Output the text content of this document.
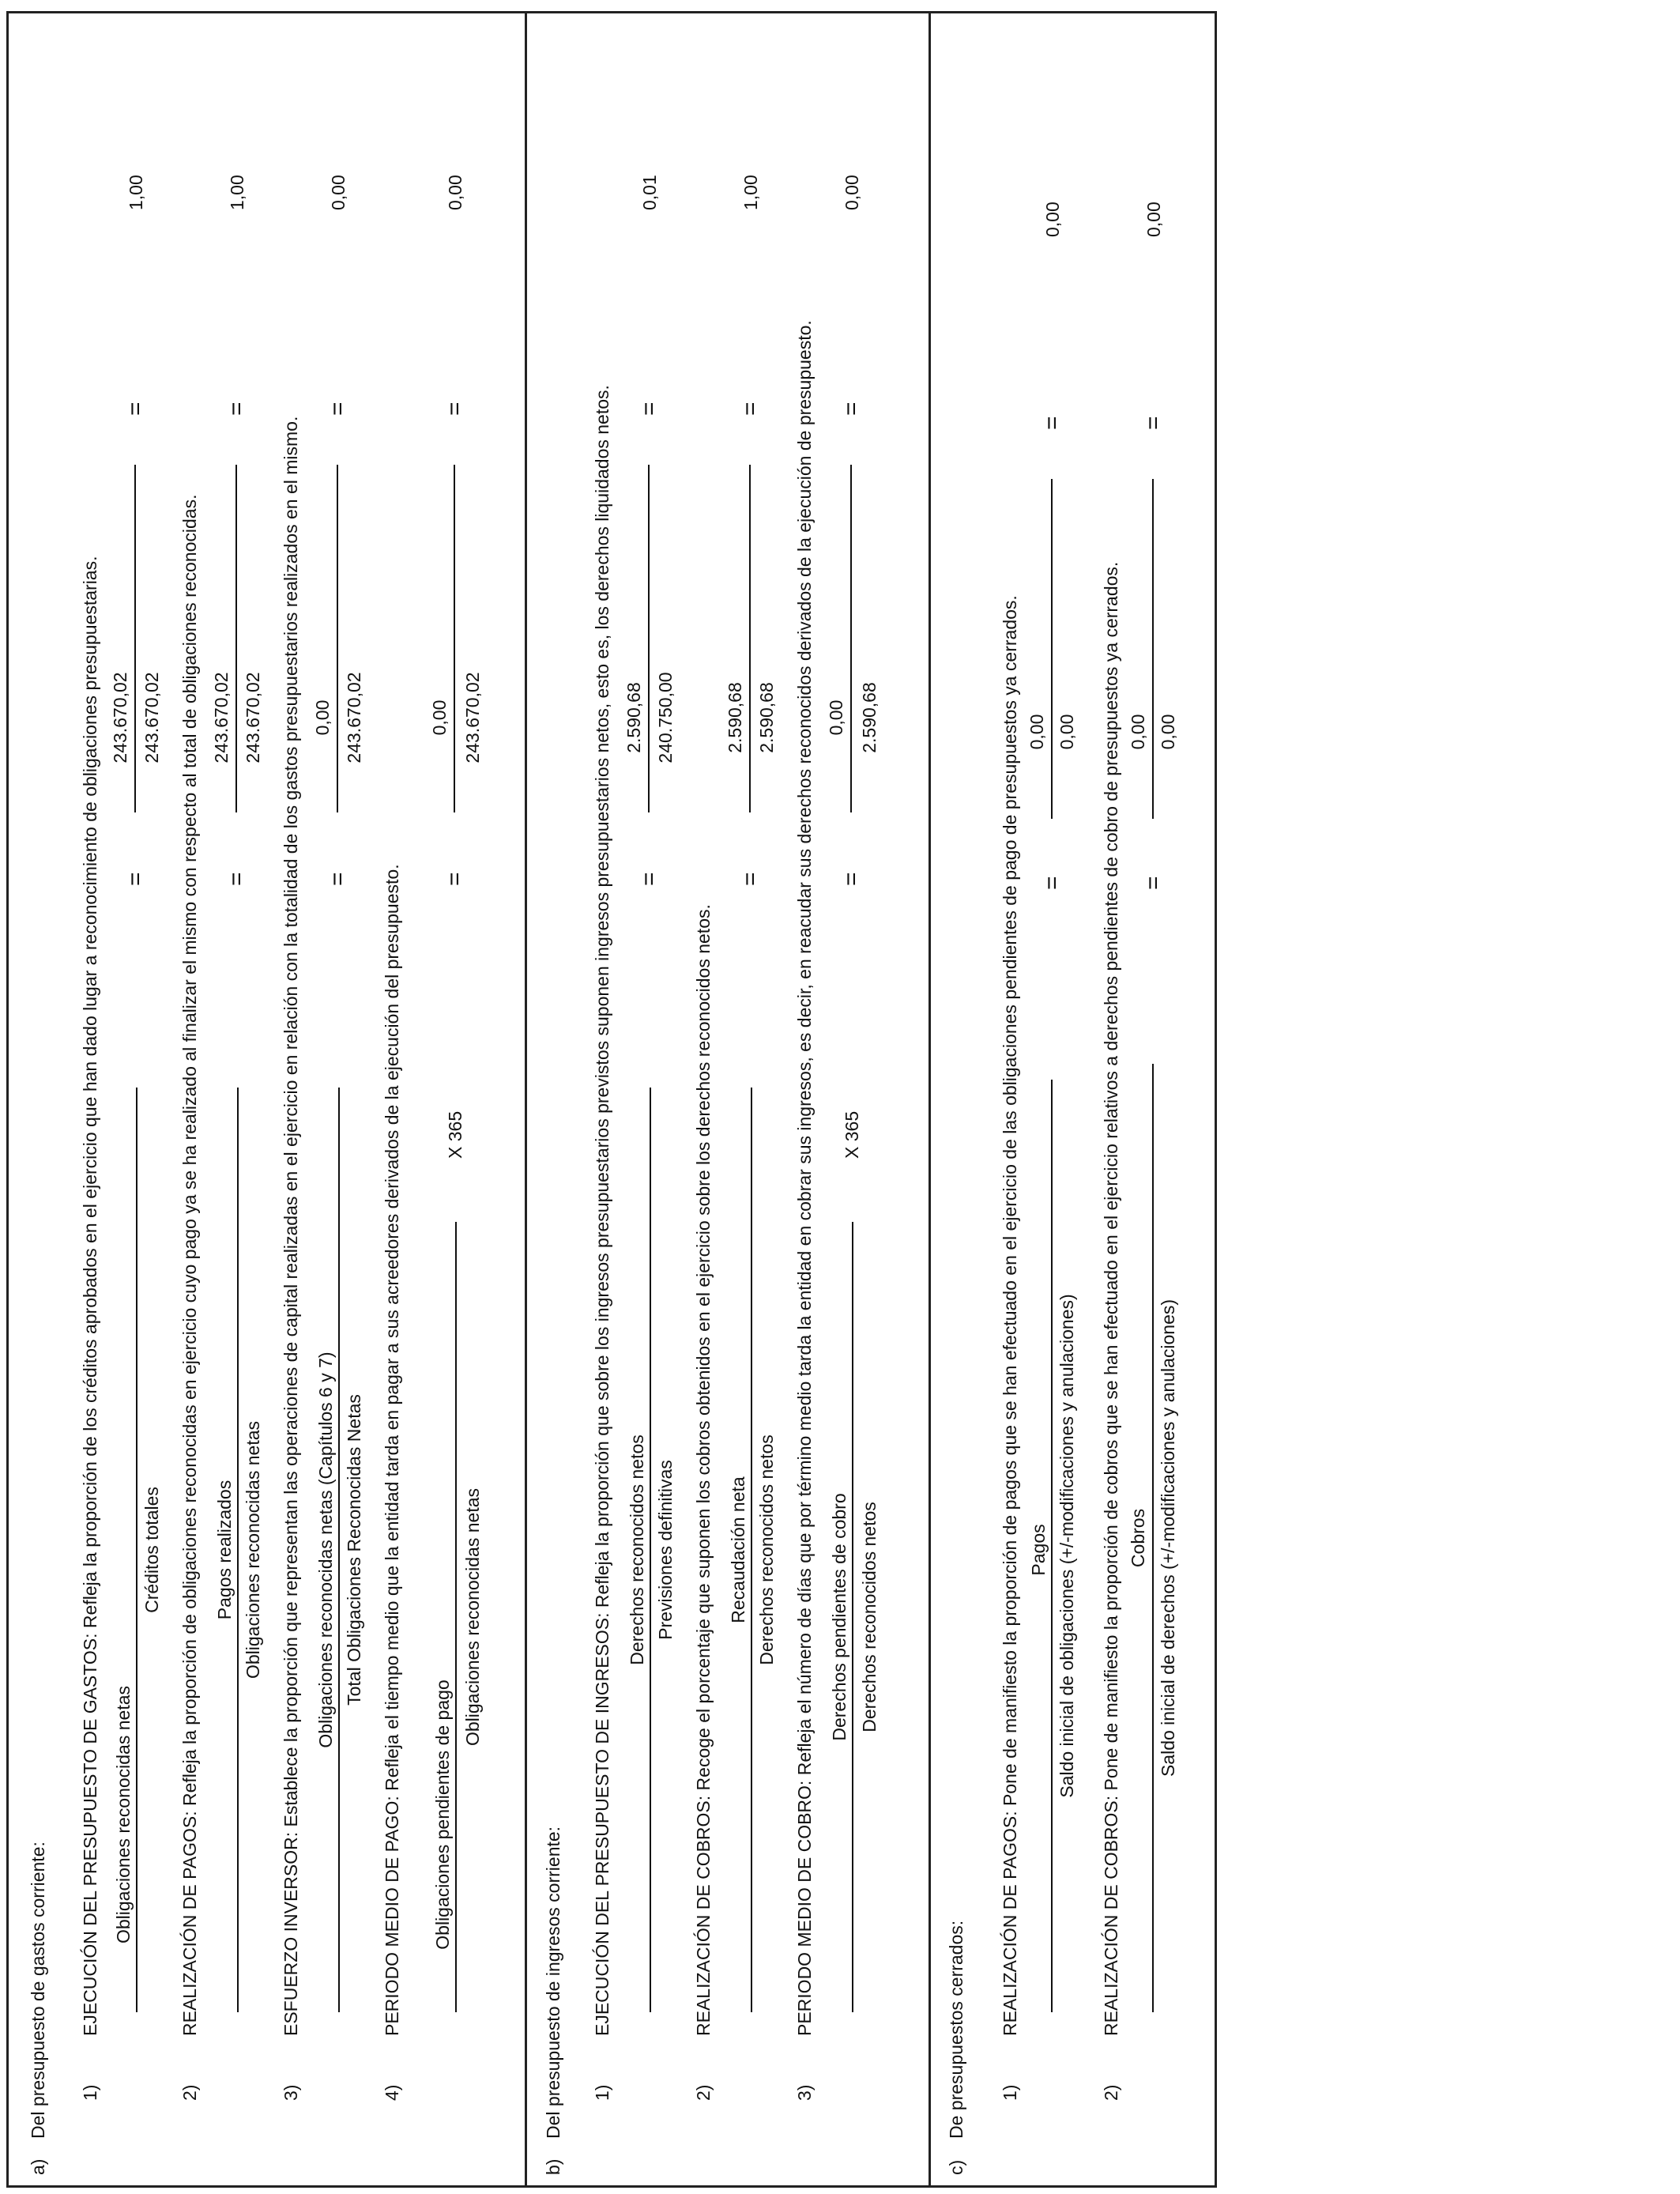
a)
Del presupuesto de gastos corriente: 1)
EJECUCIÓN DEL PRESUPUESTO DE GASTOS: Refleja la proporción de los créditos aprobados en el ejercicio que han dado lugar a reconocimiento de obligaciones presupuestarias. Obligaciones reconocidas netas
Créditos totales
=
243.670,02 243.670,02
=
1,00
2)
REALIZACIÓN DE PAGOS: Refleja la proporción de obligaciones reconocidas en ejercicio cuyo pago ya se ha realizado al finalizar el mismo con respecto al total de obligaciones reconocidas. Pagos realizados Obligaciones reconocidas netas
=
243.670,02 243.670,02
=
1,00
3)
ESFUERZO INVERSOR: Establece la proporción que representan las operaciones de capital realizadas en el ejercicio en relación con la totalidad de los gastos presupuestarios realizados en el mismo. Obligaciones reconocidas netas (Capítulos 6 y 7) Total Obligaciones Reconocidas Netas
=
0,00 243.670,02
=
0,00
4)
PERIODO MEDIO DE PAGO: Refleja el tiempo medio que la entidad tarda en pagar a sus acreedores derivados de la ejecución del presupuesto. Obligaciones pendientes de pago
Obligaciones reconocidas netas
X 365
=
0,00 243.670,02
=
0,00
b)
Del presupuesto de ingresos corriente: 1)
EJECUCIÓN DEL PRESUPUESTO DE INGRESOS: Refleja la proporción que sobre los ingresos presupuestarios previstos suponen ingresos presupuestarios netos, esto es, los derechos liquidados netos. Derechos reconocidos netos Previsiones definitivas
=
2.590,68 240.750,00
=
0,01
2)
REALIZACIÓN DE COBROS: Recoge el porcentaje que suponen los cobros obtenidos en el ejercicio sobre los derechos reconocidos netos. Recaudación neta Derechos reconocidos netos
=
2.590,68 2.590,68
=
1,00
3)
PERIODO MEDIO DE COBRO: Refleja el número de días que por término medio tarda la entidad en cobrar sus ingresos, es decir, en reacudar sus derechos reconocidos derivados de la ejecución de presupuesto. Derechos pendientes de cobro Derechos reconocidos netos
X 365
=
0,00 2.590,68
=
0,00
c)
De presupuestos cerrados: 1)
REALIZACIÓN DE PAGOS: Pone de manifiesto la proporción de pagos que se han efectuado en el ejercicio de las obligaciones pendientes de pago de presupuestos ya cerrados. Pagos Saldo inicial de obligaciones (+/-modificaciones y anulaciones)
=
0,00 0,00
=
0,00
2)
REALIZACIÓN DE COBROS: Pone de manifiesto la proporción de cobros que se han efectuado en el ejercicio relativos a derechos pendientes de cobro de presupuestos ya cerrados. Cobros Saldo inicial de derechos (+/-modificaciones y anulaciones)
=
0,00 0,00
=
0,00
